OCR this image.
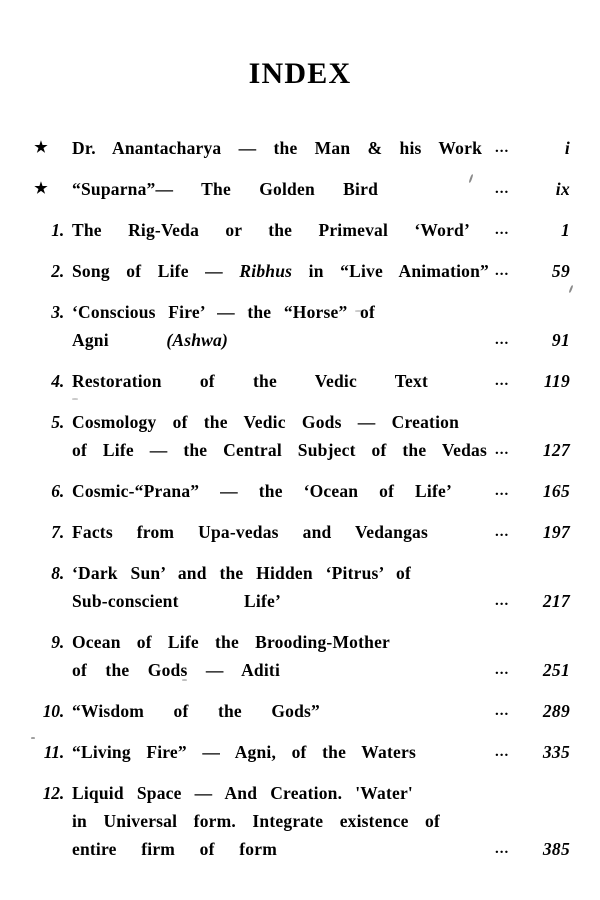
INDEX
★	Dr. Anantacharya — the Man & his Work ...	i
★	“Suparna”— The Golden Bird	...	ix
1. The Rig-Veda or the Primeval ‘Word’ ...	1
2. Song of Life — Ribhus in “Live Animation” ...	59
3. ‘Conscious Fire’ — the “Horse” of
Agni (Ashwa)	...	91
4. Restoration of the Vedic Text	...	119
5. Cosmology of the Vedic Gods — Creation
of Life — the Central Subject of the Vedas ...	127
6. Cosmic-“Prana” — the ‘Ocean of Life’	...	165
7. Facts from Upa-vedas and Vedangas	...	197
8. ‘Dark Sun’ and the Hidden ‘Pitrus’ of
Sub-conscient Life’	...	217
9. Ocean of Life the Brooding-Mother
of the Gods — Aditi	...	251
10. “Wisdom of the Gods”	...	289
11. “Living Fire” — Agni, of the Waters	...	335
12. Liquid Space — And Creation. 'Water'
in Universal form. Integrate existence of
entire firm of form	...	385
